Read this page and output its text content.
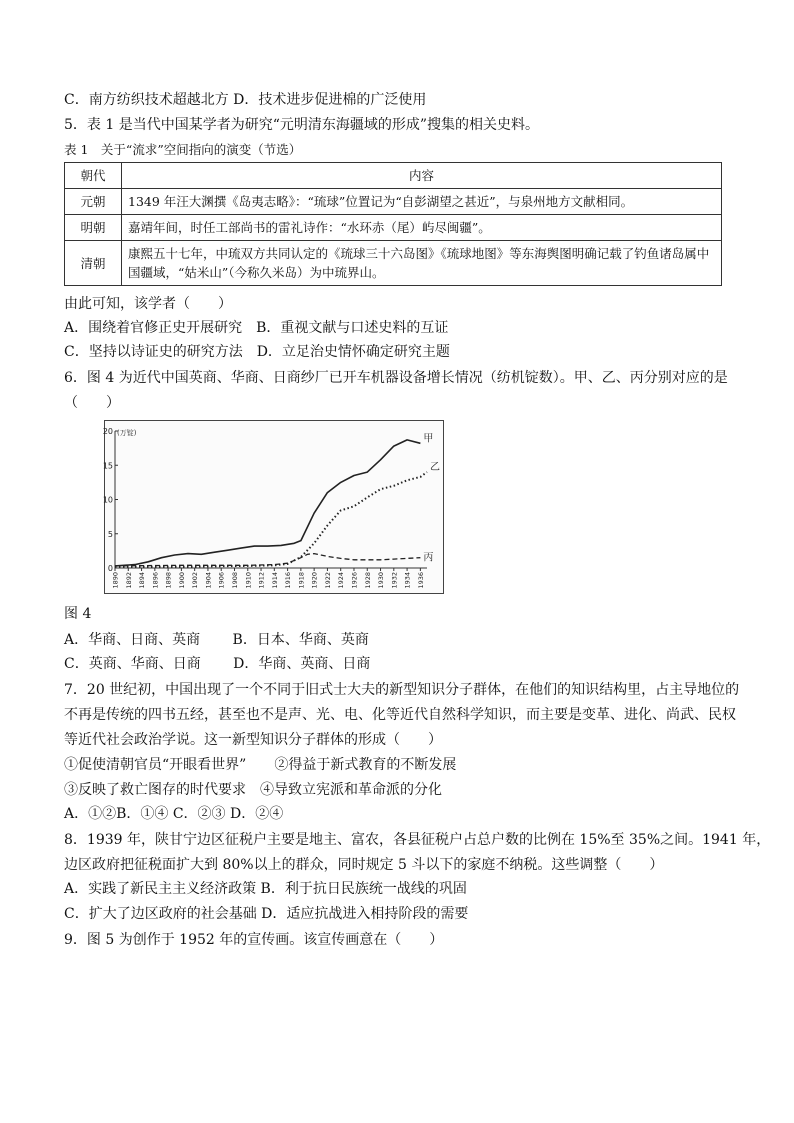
C．南方纺织技术超越北方 D．技术进步促进棉的广泛使用
5．表 1 是当代中国某学者为研究“元明清东海疆域的形成”搜集的相关史料。
表 1　关于“流求”空间指向的演变（节选）
朝代	内容
元朝	1349 年汪大渊撰《岛夷志略》：“琉球”位置记为“自彭湖望之甚近”，与泉州地方文献相同。
明朝	嘉靖年间，时任工部尚书的雷礼诗作：“水环赤（尾）屿尽闽疆”。
清朝	康熙五十七年，中琉双方共同认定的《琉球三十六岛图》《琉球地图》等东海舆图明确记载了钓鱼诸岛属中国疆域，“姑米山”（今称久米岛）为中琉界山。
由此可知，该学者（　　）
A．围绕着官修正史开展研究　B．重视文献与口述史料的互证
C．坚持以诗证史的研究方法　D．立足治史情怀确定研究主题
6．图 4 为近代中国英商、华商、日商纱厂已开车机器设备增长情况（纺机锭数）。甲、乙、丙分别对应的是
（　　）
(万锭)
0
5
10
15
20
1890 1892 1894 1896 1898 1900 1902 1904 1906 1908 1910 1912 1914 1916 1918 1920 1922 1924 1926 1928 1930 1932 1934 1936
甲
乙
丙
图 4
A．华商、日商、英商　　 B．日本、华商、英商
C．英商、华商、日商　　 D．华商、英商、日商
7．20 世纪初，中国出现了一个不同于旧式士大夫的新型知识分子群体，在他们的知识结构里，占主导地位的
不再是传统的四书五经，甚至也不是声、光、电、化等近代自然科学知识，而主要是变革、进化、尚武、民权
等近代社会政治学说。这一新型知识分子群体的形成（　　）
①促使清朝官员“开眼看世界”　　②得益于新式教育的不断发展
③反映了救亡图存的时代要求　④导致立宪派和革命派的分化
A．①②B．①④ C．②③ D．②④
8．1939 年，陕甘宁边区征税户主要是地主、富农，各县征税户占总户数的比例在 15%至 35%之间。1941 年，
边区政府把征税面扩大到 80%以上的群众，同时规定 5 斗以下的家庭不纳税。这些调整（　　）
A．实践了新民主主义经济政策 B．利于抗日民族统一战线的巩固
C．扩大了边区政府的社会基础 D．适应抗战进入相持阶段的需要
9．图 5 为创作于 1952 年的宣传画。该宣传画意在（　　）
